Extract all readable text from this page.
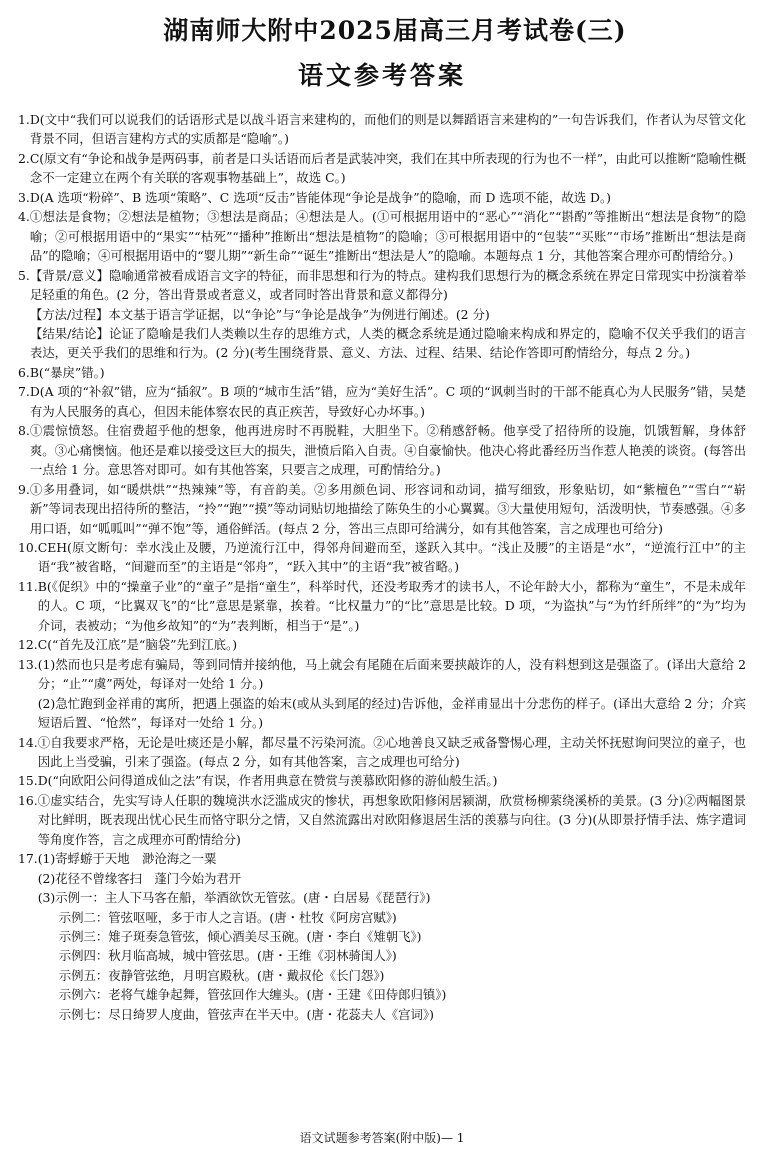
湖南师大附中2025届高三月考试卷(三)
语文参考答案
1. D(文中“我们可以说我们的话语形式是以战斗语言来建构的，而他们的则是以舞蹈语言来建构的”一句告诉我们，作者认为尽管文化背景不同，但语言建构方式的实质都是“隐喻”。)
2. C(原文有“争论和战争是两码事，前者是口头话语而后者是武装冲突，我们在其中所表现的行为也不一样”，由此可以推断“隐喻性概念不一定建立在两个有关联的客观事物基础上”，故选 C。)
3. D(A 选项“粉碎”、B 选项“策略”、C 选项“反击”皆能体现“争论是战争”的隐喻，而 D 选项不能，故选 D。)
4. ①想法是食物；②想法是植物；③想法是商品；④想法是人。(①可根据用语中的“恶心”“消化”“斟酌”等推断出“想法是食物”的隐喻；②可根据用语中的“果实”“枯死”“播种”推断出“想法是植物”的隐喻；③可根据用语中的“包装”“买账”“市场”推断出“想法是商品”的隐喻；④可根据用语中的“婴儿期”“新生命”“诞生”推断出“想法是人”的隐喻。本题每点 1 分，其他答案合理亦可酌情给分。)
5. 【背景/意义】隐喻通常被看成语言文字的特征，而非思想和行为的特点。建构我们思想行为的概念系统在界定日常现实中扮演着举足轻重的角色。(2 分，答出背景或者意义，或者同时答出背景和意义都得分)
【方法/过程】本文基于语言学证据，以“争论”与“争论是战争”为例进行阐述。(2 分)
【结果/结论】论证了隐喻是我们人类赖以生存的思维方式，人类的概念系统是通过隐喻来构成和界定的，隐喻不仅关乎我们的语言表达，更关乎我们的思维和行为。(2 分)(考生围绕背景、意义、方法、过程、结果、结论作答即可酌情给分，每点 2 分。)
6. B(“暴戾”错。)
7. D(A 项的“补叙”错，应为“插叙”。B 项的“城市生活”错，应为“美好生活”。C 项的“讽刺当时的干部不能真心为人民服务”错，吴楚有为人民服务的真心，但因未能体察农民的真正疾苦，导致好心办坏事。)
8. ①震惊愤怒。住宿费超乎他的想象，他再进房时不再脱鞋，大胆坐下。②稍感舒畅。他享受了招待所的设施，饥饿暂解，身体舒爽。③心痛懊恼。他还是难以接受这巨大的损失，泄愤后陷入自责。④自豪愉快。他决心将此番经历当作惹人艳羡的谈资。(每答出一点给 1 分。意思答对即可。如有其他答案，只要言之成理，可酌情给分。)
9. ①多用叠词，如“暖烘烘”“热辣辣”等，有音韵美。②多用颜色词、形容词和动词，描写细致，形象贴切，如“紫檀色”“雪白”“崭新”等词表现出招待所的整洁，“拎”“跑”“摸”等动词贴切地描绘了陈奂生的小心翼翼。③大量使用短句，活泼明快，节奏感强。④多用口语，如“呱呱叫”“弹不饱”等，通俗鲜活。(每点 2 分，答出三点即可给满分，如有其他答案，言之成理也可给分)
10. CEH(原文断句：幸水浅止及腰，乃逆流行江中，得邻舟间避而至，遂跃入其中。“浅止及腰”的主语是“水”，“逆流行江中”的主语“我”被省略，“间避而至”的主语是“邻舟”，“跃入其中”的主语“我”被省略。)
11. B(《促织》中的“操童子业”的“童子”是指“童生”，科举时代，还没考取秀才的读书人，不论年龄大小，都称为“童生”，不是未成年的人。C 项，“比翼双飞”的“比”意思是紧靠，挨着。“比权量力”的“比”意思是比较。D 项，“为盗执”与“为竹纤所绊”的“为”均为介词，表被动；“为他乡故知”的“为”表判断，相当于“是”。)
12. C(“首先及江底”是“脑袋”先到江底。)
13. (1)然而也只是考虑有骗局，等到同情并接纳他，马上就会有尾随在后面来要挟敲诈的人，没有料想到这是强盗了。(译出大意给 2 分；“止”“虞”两处，每译对一处给 1 分。)
(2)急忙跑到金祥甫的寓所，把遇上强盗的始末(或从头到尾的经过)告诉他，金祥甫显出十分悲伤的样子。(译出大意给 2 分；介宾短语后置、“怆然”，每译对一处给 1 分。)
14. ①自我要求严格，无论是吐痰还是小解，都尽量不污染河流。②心地善良又缺乏戒备警惕心理，主动关怀抚慰询问哭泣的童子，也因此上当受骗，引来了强盗。(每点 2 分，如有其他答案，言之成理也可给分)
15. D(“向欧阳公问得道成仙之法”有误，作者用典意在赞赏与羡慕欧阳修的游仙般生活。)
16. ①虚实结合，先实写诗人任职的魏境洪水泛滥成灾的惨状，再想象欧阳修闲居颍湖，欣赏杨柳萦绕溪桥的美景。(3 分)②两幅图景对比鲜明，既表现出忧心民生而恪守职分之情，又自然流露出对欧阳修退居生活的羡慕与向往。(3 分)(从即景抒情手法、炼字遣词等角度作答，言之成理亦可酌情给分)
17. (1)寄蜉蝣于天地　渺沧海之一粟
(2)花径不曾缘客扫　蓬门今始为君开
(3)示例一：主人下马客在船，举酒欲饮无管弦。(唐・白居易《琵琶行》)
示例二：管弦呕哑，多于市人之言语。(唐・杜牧《阿房宫赋》)
示例三：雉子斑奏急管弦，倾心酒美尽玉碗。(唐・李白《雉朝飞》)
示例四：秋月临高城，城中管弦思。(唐・王维《羽林骑闺人》)
示例五：夜静管弦绝，月明宫殿秋。(唐・戴叔伦《长门怨》)
示例六：老将气雄争起舞，管弦回作大缠头。(唐・王建《田侍郎归镇》)
示例七：尽日绮罗人度曲，管弦声在半天中。(唐・花蕊夫人《宫词》)
语文试题参考答案(附中版)— 1
